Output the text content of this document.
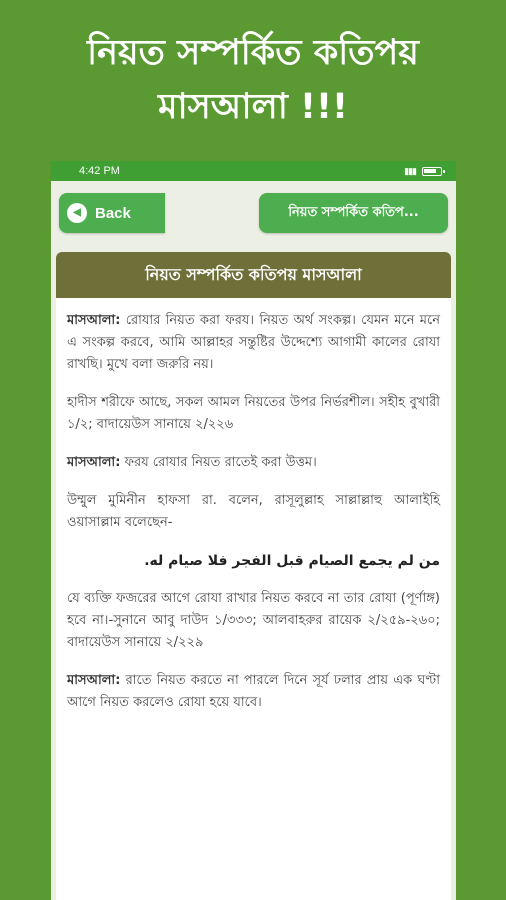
নিয়ত সম্পর্কিত কতিপয়
মাসআলা !!!
4:42 PM	▮▮▮
◀ Back	নিয়ত সম্পর্কিত কতিপ...
নিয়ত সম্পর্কিত কতিপয় মাসআলা

মাসআলা: রোযার নিয়ত করা ফরয। নিয়ত অর্থ সংকল্প। যেমন মনে মনে এ সংকল্প করবে, আমি আল্লাহর সন্তুষ্টির উদ্দেশ্যে আগামী কালের রোযা রাখছি। মুখে বলা জরুরি নয়।

হাদীস শরীফে আছে, সকল আমল নিয়তের উপর নির্ভরশীল। সহীহ বুখারী ১/২; বাদায়েউস সানায়ে ২/২২৬

মাসআলা: ফরয রোযার নিয়ত রাতেই করা উত্তম।

উম্মুল মুমিনীন হাফসা রা. বলেন, রাসূলুল্লাহ সাল্লাল্লাহু আলাইহি ওয়াসাল্লাম বলেছেন-

من لم يجمع الصيام قبل الفجر فلا صيام له.

যে ব্যক্তি ফজরের আগে রোযা রাখার নিয়ত করবে না তার রোযা (পূর্ণাঙ্গ) হবে না।-সুনানে আবু দাউদ ১/৩৩৩; আলবাহরুর রায়েক ২/২৫৯-২৬০; বাদায়েউস সানায়ে ২/২২৯

মাসআলা: রাতে নিয়ত করতে না পারলে দিনে সূর্য ঢলার প্রায় এক ঘণ্টা আগে নিয়ত করলেও রোযা হয়ে যাবে।
